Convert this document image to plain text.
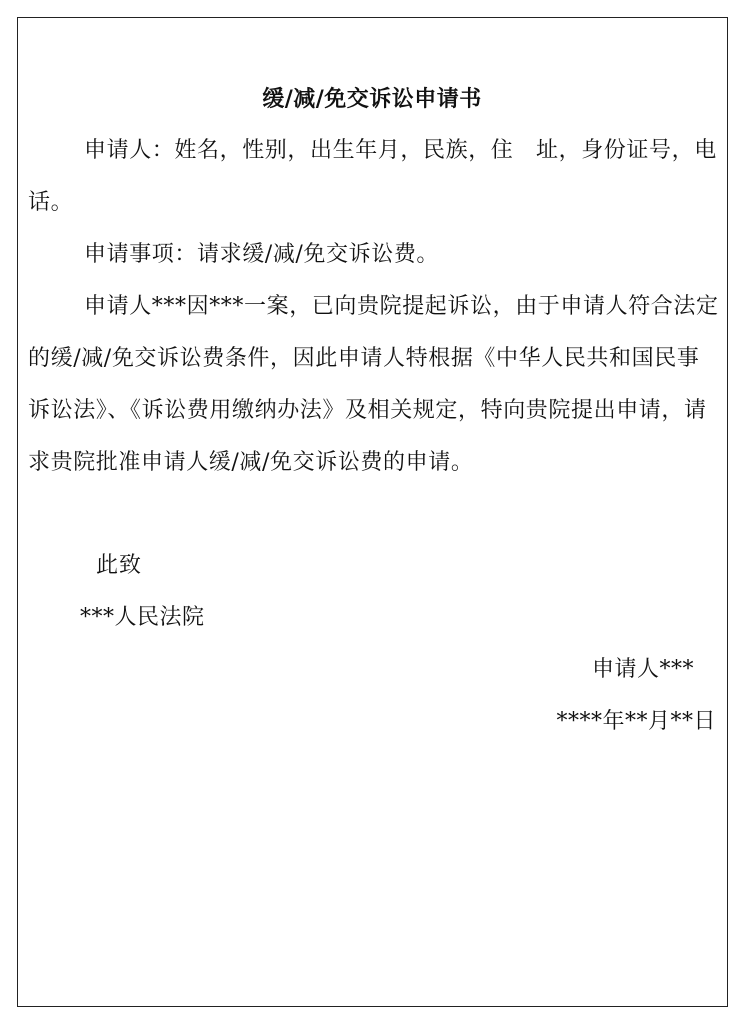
缓/减/免交诉讼申请书

申请人：姓名，性别，出生年月，民族，住　址，身份证号，电话。

申请事项：请求缓/减/免交诉讼费。

申请人***因***一案，已向贵院提起诉讼，由于申请人符合法定的缓/减/免交诉讼费条件，因此申请人特根据《中华人民共和国民事诉讼法》、《诉讼费用缴纳办法》及相关规定，特向贵院提出申请，请求贵院批准申请人缓/减/免交诉讼费的申请。

此致
***人民法院
申请人***
****年**月**日
